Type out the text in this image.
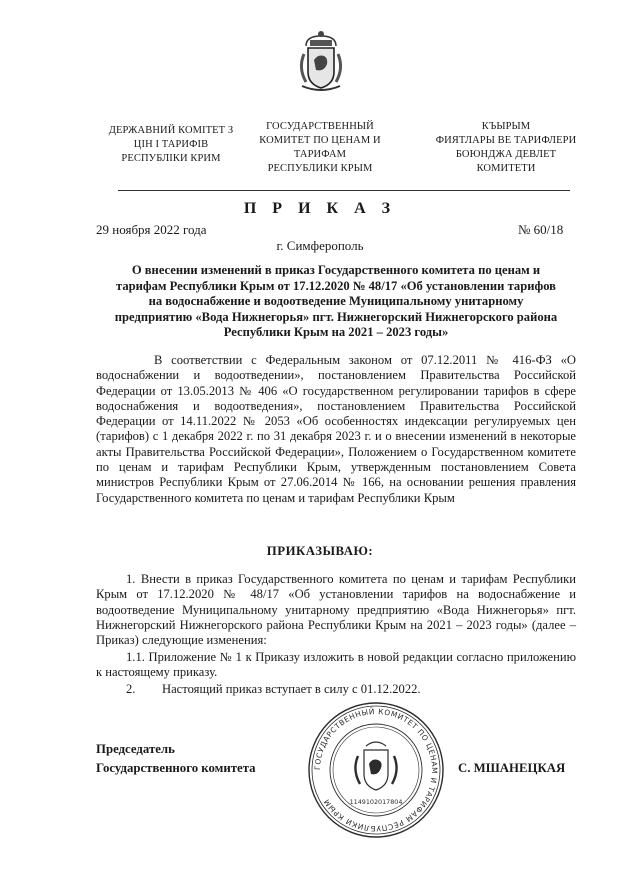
ДЕРЖАВНИЙ КОМІТЕТ З
ЦІН І ТАРИФІВ
РЕСПУБЛІКИ КРИМ
ГОСУДАРСТВЕННЫЙ
КОМИТЕТ ПО ЦЕНАМ И
ТАРИФАМ
РЕСПУБЛИКИ КРЫМ
КЪЫРЫМ
ФИЯТЛАРЫ ВЕ ТАРИФЛЕРИ
БОЮНДЖА ДЕВЛЕТ
КОМИТЕТИ
П Р И К А З
29 ноября 2022 года	№ 60/18
г. Симферополь
О внесении изменений в приказ Государственного комитета по ценам и
тарифам Республики Крым от 17.12.2020 № 48/17 «Об установлении тарифов
на водоснабжение и водоотведение Муниципальному унитарному
предприятию «Вода Нижнегорья» пгт. Нижнегорский Нижнегорского района
Республики Крым на 2021 – 2023 годы»

В соответствии с Федеральным законом от 07.12.2011 № 416-ФЗ «О водоснабжении и водоотведении», постановлением Правительства Российской Федерации от 13.05.2013 № 406 «О государственном регулировании тарифов в сфере водоснабжения и водоотведения», постановлением Правительства Российской Федерации от 14.11.2022 № 2053 «Об особенностях индексации регулируемых цен (тарифов) с 1 декабря 2022 г. по 31 декабря 2023 г. и о внесении изменений в некоторые акты Правительства Российской Федерации», Положением о Государственном комитете по ценам и тарифам Республики Крым, утвержденным постановлением Совета министров Республики Крым от 27.06.2014 № 166, на основании решения правления Государственного комитета по ценам и тарифам Республики Крым

ПРИКАЗЫВАЮ:

1. Внести в приказ Государственного комитета по ценам и тарифам Республики Крым от 17.12.2020 № 48/17 «Об установлении тарифов на водоснабжение и водоотведение Муниципальному унитарному предприятию «Вода Нижнегорья» пгт. Нижнегорский Нижнегорского района Республики Крым на 2021 – 2023 годы» (далее – Приказ) следующие изменения:

1.1. Приложение № 1 к Приказу изложить в новой редакции согласно приложению к настоящему приказу.

2. Настоящий приказ вступает в силу с 01.12.2022.
Председатель
Государственного комитета	С. МШАНЕЦКАЯ
ГОСУДАРСТВЕННЫЙ КОМИТЕТ ПО ЦЕНАМ И ТАРИФАМ РЕСПУБЛИКИ КРЫМ	1149102017804
